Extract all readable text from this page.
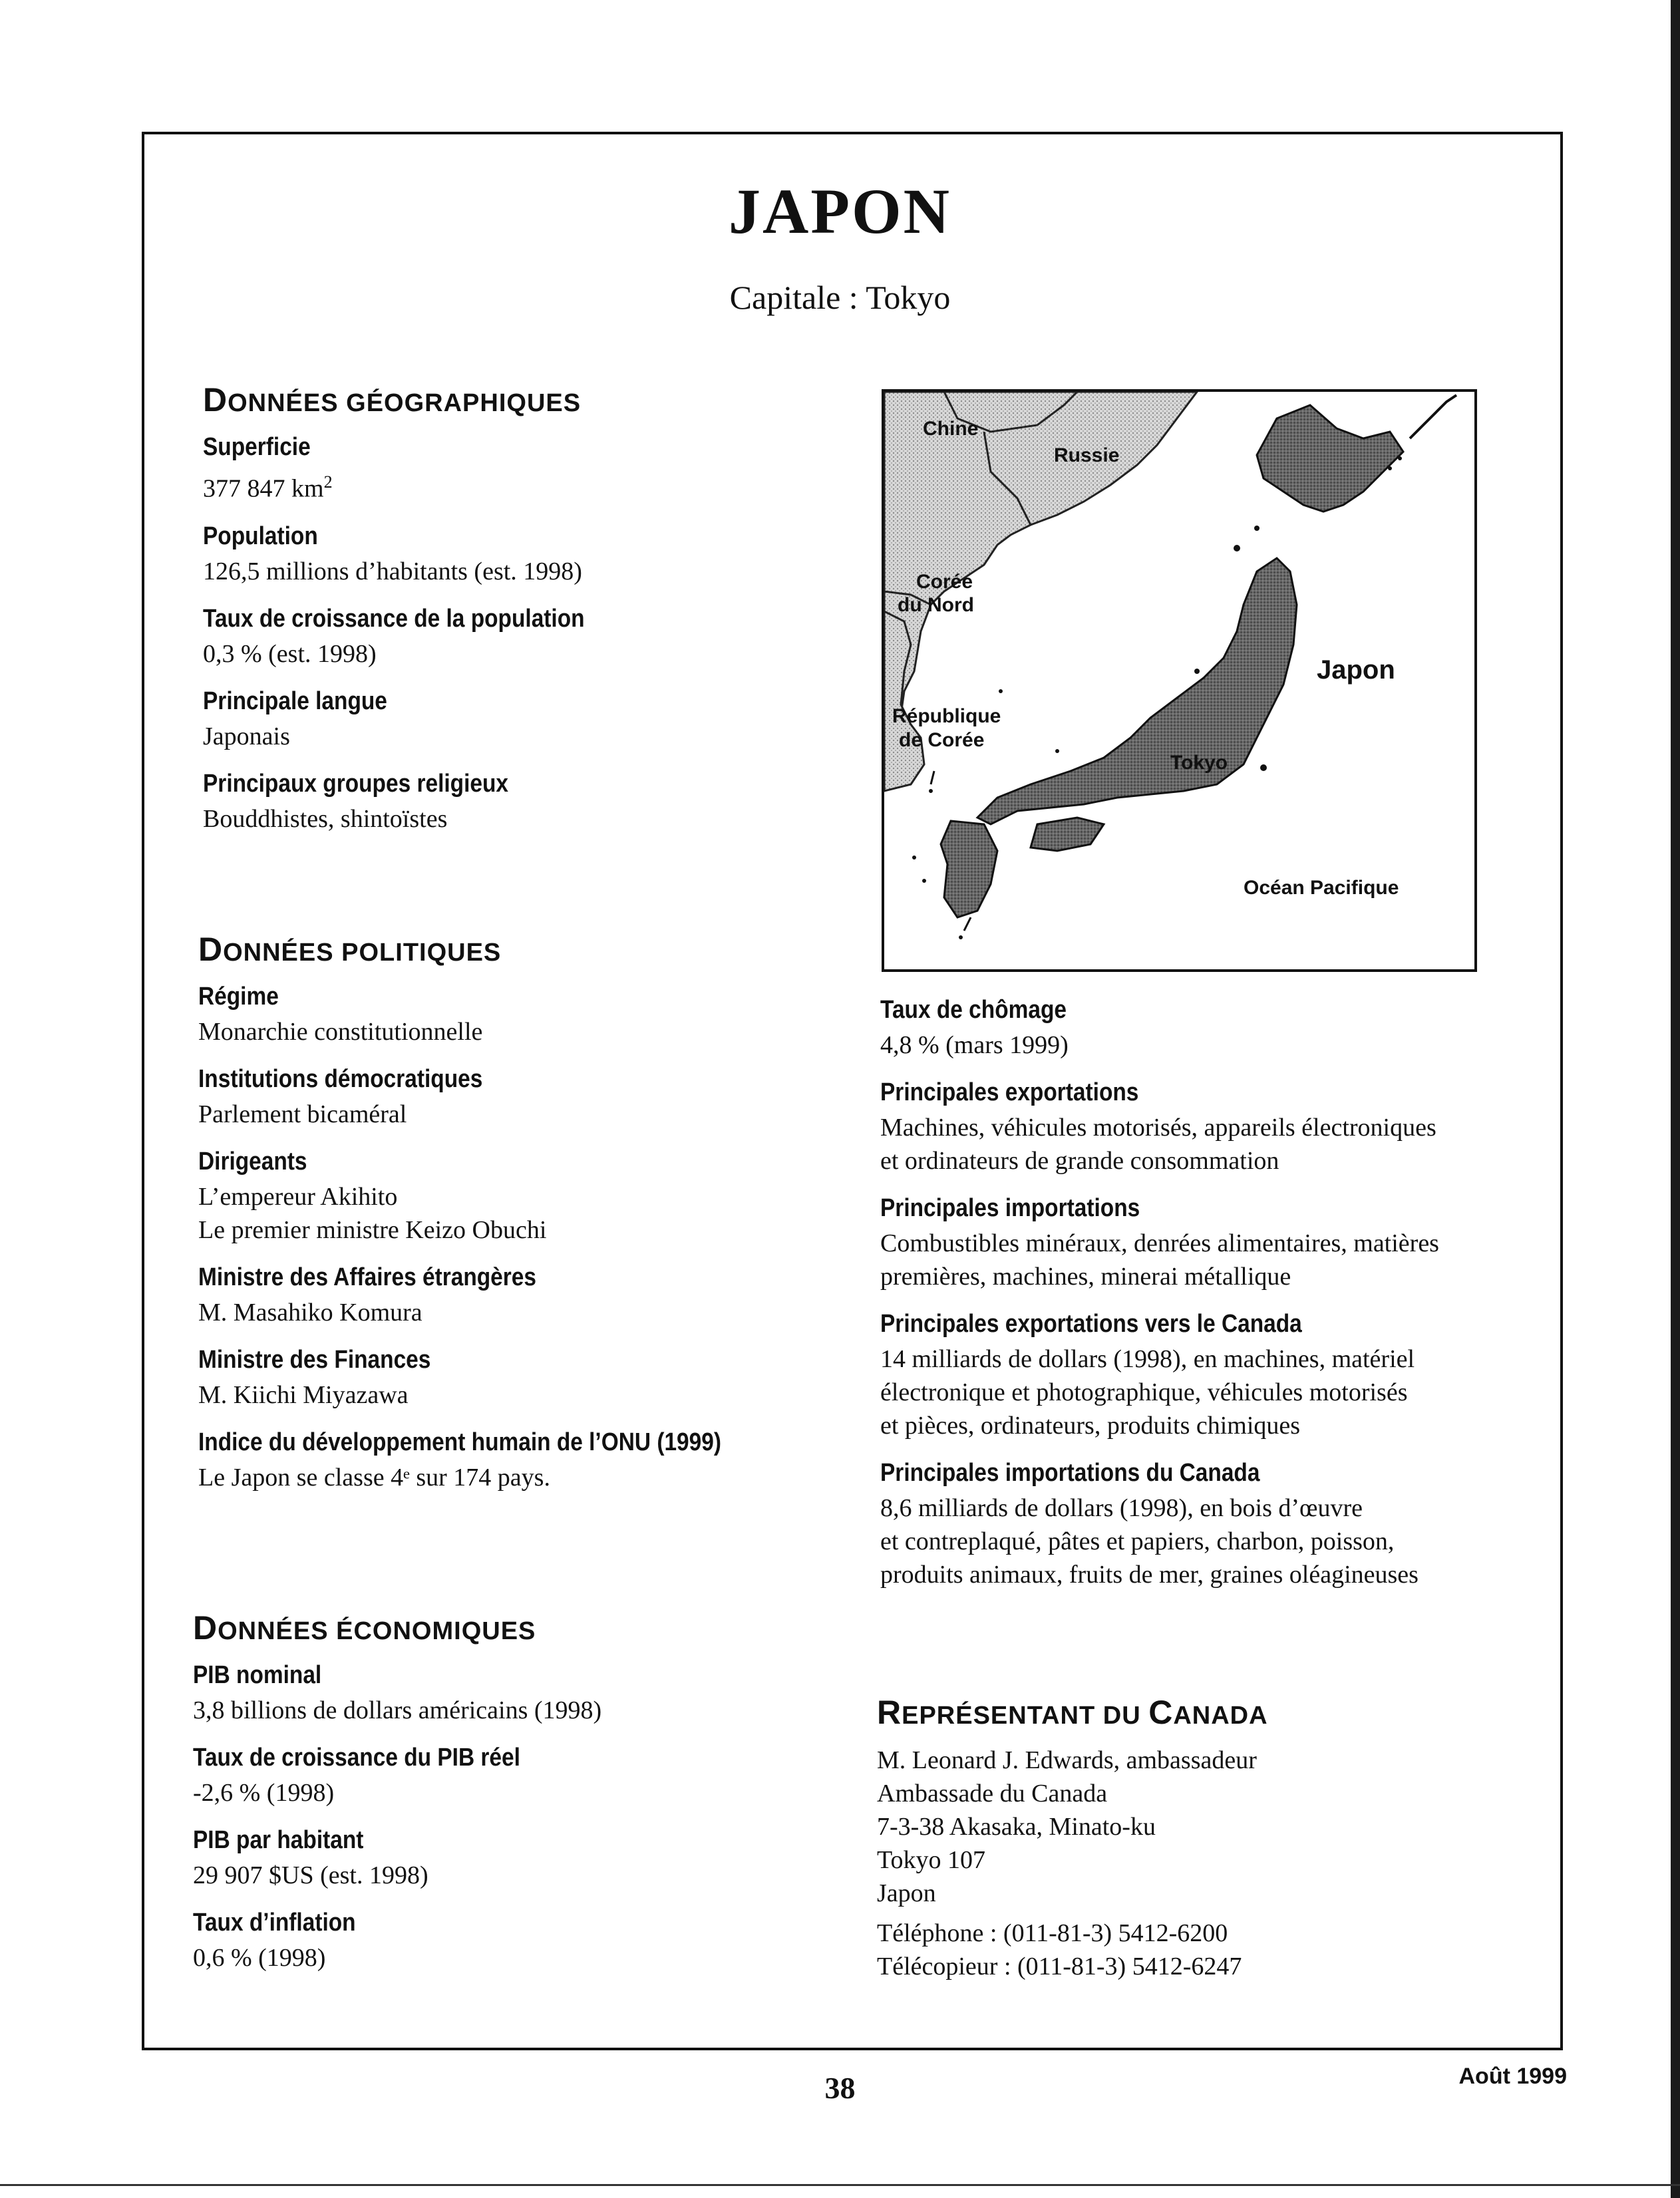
JAPON
Capitale : Tokyo
DONNÉES GÉOGRAPHIQUES
Superficie
377 847 $km^2$
Population
126,5 millions d’habitants (est. 1998)
Taux de croissance de la population
0,3 % (est. 1998)
Principale langue
Japonais
Principaux groupes religieux
Bouddhistes, shintoïstes
DONNÉES POLITIQUES
Régime
Monarchie constitutionnelle
Institutions démocratiques
Parlement bicaméral
Dirigeants
L’empereur Akihito
Le premier ministre Keizo Obuchi
Ministre des Affaires étrangères
M. Masahiko Komura
Ministre des Finances
M. Kiichi Miyazawa
Indice du développement humain de l’ONU (1999)
Le Japon se classe 4ᵉ sur 174 pays.
DONNÉES ÉCONOMIQUES
PIB nominal
3,8 billions de dollars américains (1998)
Taux de croissance du PIB réel
-2,6 % (1998)
PIB par habitant
29 907 $US (est. 1998)
Taux d’inflation
0,6 % (1998)
Chine
Russie
Corée
du Nord
République
de Corée
Japon
Tokyo
Océan Pacifique
Taux de chômage
4,8 % (mars 1999)
Principales exportations
Machines, véhicules motorisés, appareils électroniques
et ordinateurs de grande consommation
Principales importations
Combustibles minéraux, denrées alimentaires, matières
premières, machines, minerai métallique
Principales exportations vers le Canada
14 milliards de dollars (1998), en machines, matériel
électronique et photographique, véhicules motorisés
et pièces, ordinateurs, produits chimiques
Principales importations du Canada
8,6 milliards de dollars (1998), en bois d’œuvre
et contreplaqué, pâtes et papiers, charbon, poisson,
produits animaux, fruits de mer, graines oléagineuses
REPRÉSENTANT DU CANADA
M. Leonard J. Edwards, ambassadeur
Ambassade du Canada
7-3-38 Akasaka, Minato-ku
Tokyo 107
Japon
Téléphone : (011-81-3) 5412-6200
Télécopieur : (011-81-3) 5412-6247
38	Août 1999
